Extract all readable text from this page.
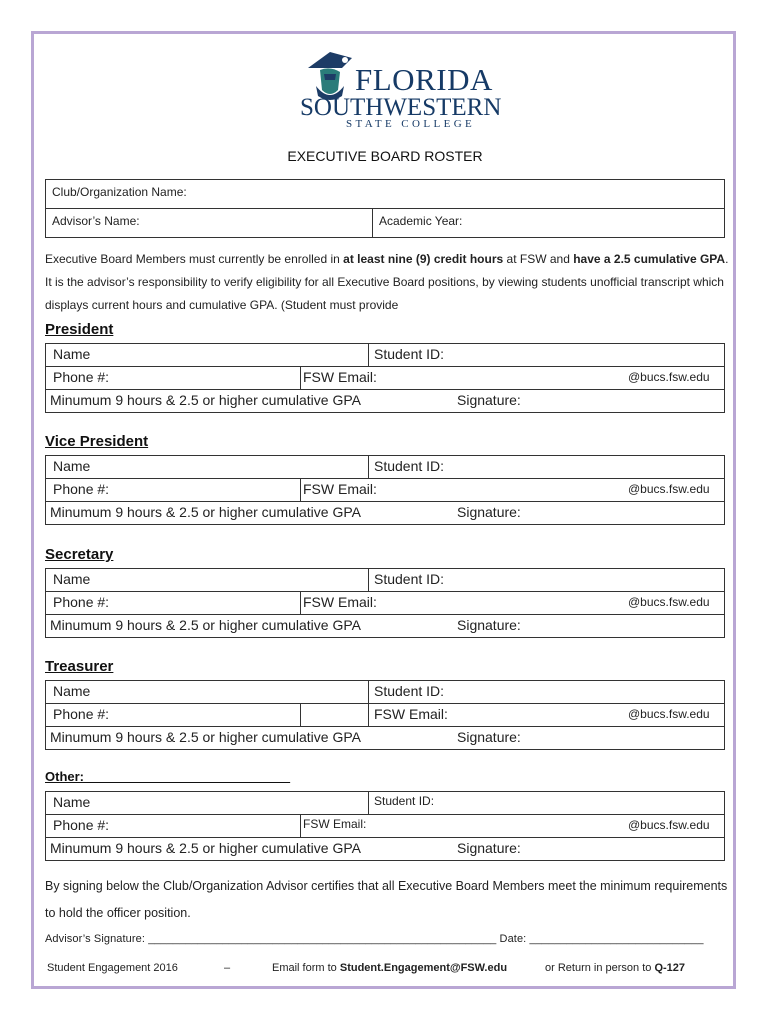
FLORIDA
SOUTHWESTERN
STATE COLLEGE
EXECUTIVE BOARD ROSTER
Club/Organization Name:
Advisor’s Name:	Academic Year:
Executive Board Members must currently be enrolled in at least nine (9) credit hours at FSW and have a 2.5 cumulative GPA. It is the advisor’s responsibility to verify eligibility for all Executive Board positions, by viewing students unofficial transcript which displays current hours and cumulative GPA. (Student must provide
President
Name	Student ID:
Phone #:	FSW Email:	@bucs.fsw.edu
Minumum 9 hours & 2.5 or higher cumulative GPA	Signature:
Vice President
Name	Student ID:
Phone #:	FSW Email:	@bucs.fsw.edu
Minumum 9 hours & 2.5 or higher cumulative GPA	Signature:
Secretary
Name	Student ID:
Phone #:	FSW Email:	@bucs.fsw.edu
Minumum 9 hours & 2.5 or higher cumulative GPA	Signature:
Treasurer
Name	Student ID:
Phone #:	FSW Email:	@bucs.fsw.edu
Minumum 9 hours & 2.5 or higher cumulative GPA	Signature:
Other: ____________________________
Name	Student ID:
Phone #:	FSW Email:	@bucs.fsw.edu
Minumum 9 hours & 2.5 or higher cumulative GPA	Signature:
By signing below the Club/Organization Advisor certifies that all Executive Board Members meet the minimum requirements to hold the officer position.
Advisor’s Signature: ________________________________________________________ Date: ____________________________
Student Engagement 2016	–	Email form to Student.Engagement@FSW.edu	or Return in person to Q-127
